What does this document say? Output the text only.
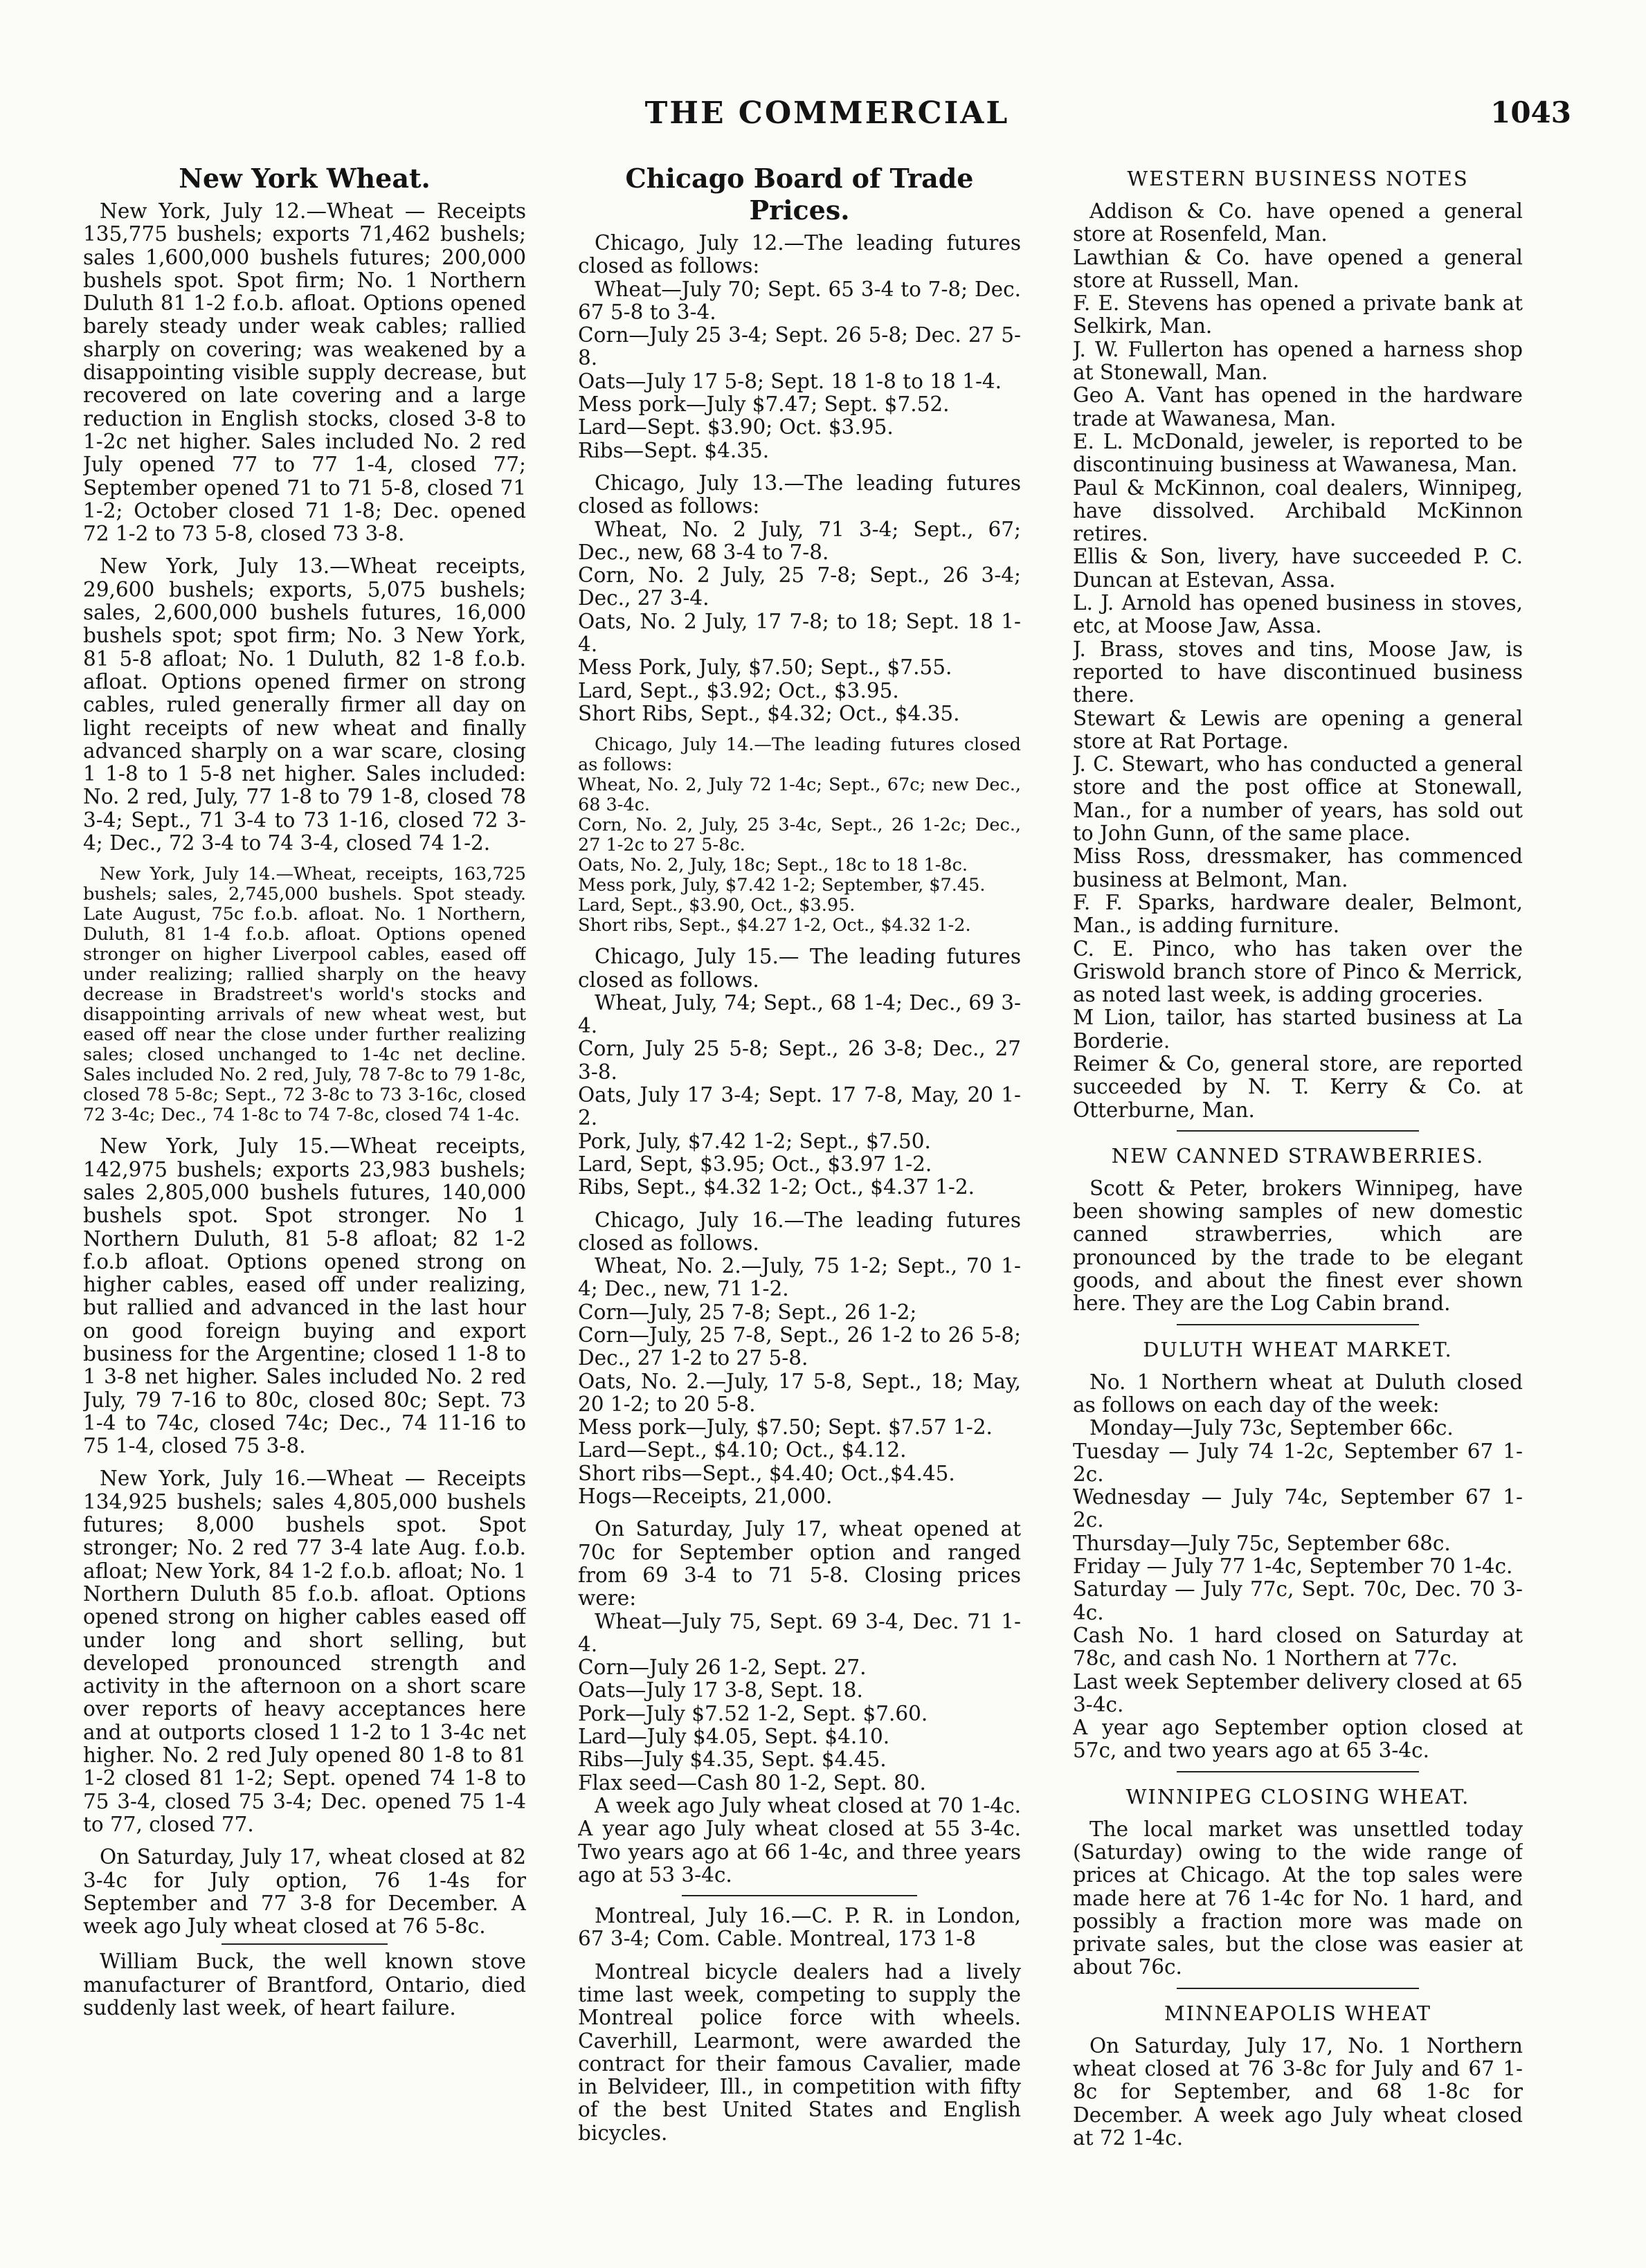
THE COMMERCIAL	1043
New York Wheat.

New York, July 12.—Wheat — Receipts 135,775 bushels; exports 71,462 bushels; sales 1,600,000 bushels futures; 200,000 bushels spot. Spot firm; No. 1 Northern Duluth 81 1-2 f.o.b. afloat. Options opened barely steady under weak cables; rallied sharply on covering; was weakened by a disappointing visible supply decrease, but recovered on late covering and a large reduction in English stocks, closed 3-8 to 1-2c net higher. Sales included No. 2 red July opened 77 to 77 1-4, closed 77; September opened 71 to 71 5-8, closed 71 1-2; October closed 71 1-8; Dec. opened 72 1-2 to 73 5-8, closed 73 3-8.

New York, July 13.—Wheat receipts, 29,600 bushels; exports, 5,075 bushels; sales, 2,600,000 bushels futures, 16,000 bushels spot; spot firm; No. 3 New York, 81 5-8 afloat; No. 1 Duluth, 82 1-8 f.o.b. afloat. Options opened firmer on strong cables, ruled generally firmer all day on light receipts of new wheat and finally advanced sharply on a war scare, closing 1 1-8 to 1 5-8 net higher. Sales included: No. 2 red, July, 77 1-8 to 79 1-8, closed 78 3-4; Sept., 71 3-4 to 73 1-16, closed 72 3-4; Dec., 72 3-4 to 74 3-4, closed 74 1-2.

New York, July 14.—Wheat, receipts, 163,725 bushels; sales, 2,745,000 bushels. Spot steady. Late August, 75c f.o.b. afloat. No. 1 Northern, Duluth, 81 1-4 f.o.b. afloat. Options opened stronger on higher Liverpool cables, eased off under realizing; rallied sharply on the heavy decrease in Bradstreet's world's stocks and disappointing arrivals of new wheat west, but eased off near the close under further realizing sales; closed unchanged to 1-4c net decline. Sales included No. 2 red, July, 78 7-8c to 79 1-8c, closed 78 5-8c; Sept., 72 3-8c to 73 3-16c, closed 72 3-4c; Dec., 74 1-8c to 74 7-8c, closed 74 1-4c.

New York, July 15.—Wheat receipts, 142,975 bushels; exports 23,983 bushels; sales 2,805,000 bushels futures, 140,000 bushels spot. Spot stronger. No 1 Northern Duluth, 81 5-8 afloat; 82 1-2 f.o.b afloat. Options opened strong on higher cables, eased off under realizing, but rallied and advanced in the last hour on good foreign buying and export business for the Argentine; closed 1 1-8 to 1 3-8 net higher. Sales included No. 2 red July, 79 7-16 to 80c, closed 80c; Sept. 73 1-4 to 74c, closed 74c; Dec., 74 11-16 to 75 1-4, closed 75 3-8.

New York, July 16.—Wheat — Receipts 134,925 bushels; sales 4,805,000 bushels futures; 8,000 bushels spot. Spot stronger; No. 2 red 77 3-4 late Aug. f.o.b. afloat; New York, 84 1-2 f.o.b. afloat; No. 1 Northern Duluth 85 f.o.b. afloat. Options opened strong on higher cables eased off under long and short selling, but developed pronounced strength and activity in the afternoon on a short scare over reports of heavy acceptances here and at outports closed 1 1-2 to 1 3-4c net higher. No. 2 red July opened 80 1-8 to 81 1-2 closed 81 1-2; Sept. opened 74 1-8 to 75 3-4, closed 75 3-4; Dec. opened 75 1-4 to 77, closed 77.

On Saturday, July 17, wheat closed at 82 3-4c for July option, 76 1-4s for September and 77 3-8 for December. A week ago July wheat closed at 76 5-8c.

William Buck, the well known stove manufacturer of Brantford, Ontario, died suddenly last week, of heart failure.

Chicago Board of Trade Prices.

Chicago, July 12.—The leading futures closed as follows:

Wheat—July 70; Sept. 65 3-4 to 7-8; Dec. 67 5-8 to 3-4.
Corn—July 25 3-4; Sept. 26 5-8; Dec. 27 5-8.
Oats—July 17 5-8; Sept. 18 1-8 to 18 1-4.
Mess pork—July $7.47; Sept. $7.52.
Lard—Sept. $3.90; Oct. $3.95.
Ribs—Sept. $4.35.

Chicago, July 13.—The leading futures closed as follows:

Wheat, No. 2 July, 71 3-4; Sept., 67; Dec., new, 68 3-4 to 7-8.
Corn, No. 2 July, 25 7-8; Sept., 26 3-4; Dec., 27 3-4.
Oats, No. 2 July, 17 7-8; to 18; Sept. 18 1-4.
Mess Pork, July, $7.50; Sept., $7.55.
Lard, Sept., $3.92; Oct., $3.95.
Short Ribs, Sept., $4.32; Oct., $4.35.

Chicago, July 14.—The leading futures closed as follows:
Wheat, No. 2, July 72 1-4c; Sept., 67c; new Dec., 68 3-4c.
Corn, No. 2, July, 25 3-4c, Sept., 26 1-2c; Dec., 27 1-2c to 27 5-8c.
Oats, No. 2, July, 18c; Sept., 18c to 18 1-8c.
Mess pork, July, $7.42 1-2; September, $7.45.
Lard, Sept., $3.90, Oct., $3.95.
Short ribs, Sept., $4.27 1-2, Oct., $4.32 1-2.

Chicago, July 15.— The leading futures closed as follows.

Wheat, July, 74; Sept., 68 1-4; Dec., 69 3-4.
Corn, July 25 5-8; Sept., 26 3-8; Dec., 27 3-8.
Oats, July 17 3-4; Sept. 17 7-8, May, 20 1-2.
Pork, July, $7.42 1-2; Sept., $7.50.
Lard, Sept, $3.95; Oct., $3.97 1-2.
Ribs, Sept., $4.32 1-2; Oct., $4.37 1-2.

Chicago, July 16.—The leading futures closed as follows.

Wheat, No. 2.—July, 75 1-2; Sept., 70 1-4; Dec., new, 71 1-2.
Corn—July, 25 7-8; Sept., 26 1-2;
Corn—July, 25 7-8, Sept., 26 1-2 to 26 5-8; Dec., 27 1-2 to 27 5-8.
Oats, No. 2.—July, 17 5-8, Sept., 18; May, 20 1-2; to 20 5-8.
Mess pork—July, $7.50; Sept. $7.57 1-2.
Lard—Sept., $4.10; Oct., $4.12.
Short ribs—Sept., $4.40; Oct.,$4.45.
Hogs—Receipts, 21,000.

On Saturday, July 17, wheat opened at 70c for September option and ranged from 69 3-4 to 71 5-8. Closing prices were:

Wheat—July 75, Sept. 69 3-4, Dec. 71 1-4.
Corn—July 26 1-2, Sept. 27.
Oats—July 17 3-8, Sept. 18.
Pork—July $7.52 1-2, Sept. $7.60.
Lard—July $4.05, Sept. $4.10.
Ribs—July $4.35, Sept. $4.45.
Flax seed—Cash 80 1-2, Sept. 80.

A week ago July wheat closed at 70 1-4c. A year ago July wheat closed at 55 3-4c. Two years ago at 66 1-4c, and three years ago at 53 3-4c.

Montreal, July 16.—C. P. R. in London, 67 3-4; Com. Cable. Montreal, 173 1-8

Montreal bicycle dealers had a lively time last week, competing to supply the Montreal police force with wheels. Caverhill, Learmont, were awarded the contract for their famous Cavalier, made in Belvideer, Ill., in competition with fifty of the best United States and English bicycles.

WESTERN BUSINESS NOTES

Addison & Co. have opened a general store at Rosenfeld, Man.
Lawthian & Co. have opened a general store at Russell, Man.
F. E. Stevens has opened a private bank at Selkirk, Man.
J. W. Fullerton has opened a harness shop at Stonewall, Man.
Geo A. Vant has opened in the hardware trade at Wawanesa, Man.
E. L. McDonald, jeweler, is reported to be discontinuing business at Wawanesa, Man.
Paul & McKinnon, coal dealers, Winnipeg, have dissolved. Archibald McKinnon retires.
Ellis & Son, livery, have succeeded P. C. Duncan at Estevan, Assa.
L. J. Arnold has opened business in stoves, etc, at Moose Jaw, Assa.
J. Brass, stoves and tins, Moose Jaw, is reported to have discontinued business there.
Stewart & Lewis are opening a general store at Rat Portage.
J. C. Stewart, who has conducted a general store and the post office at Stonewall, Man., for a number of years, has sold out to John Gunn, of the same place.
Miss Ross, dressmaker, has commenced business at Belmont, Man.
F. F. Sparks, hardware dealer, Belmont, Man., is adding furniture.
C. E. Pinco, who has taken over the Griswold branch store of Pinco & Merrick, as noted last week, is adding groceries.
M Lion, tailor, has started business at La Borderie.
Reimer & Co, general store, are reported succeeded by N. T. Kerry & Co. at Otterburne, Man.

NEW CANNED STRAWBERRIES.

Scott & Peter, brokers Winnipeg, have been showing samples of new domestic canned strawberries, which are pronounced by the trade to be elegant goods, and about the finest ever shown here. They are the Log Cabin brand.

DULUTH WHEAT MARKET.

No. 1 Northern wheat at Duluth closed as follows on each day of the week:

Monday—July 73c, September 66c.
Tuesday — July 74 1-2c, September 67 1-2c.
Wednesday — July 74c, September 67 1-2c.
Thursday—July 75c, September 68c.
Friday — July 77 1-4c, September 70 1-4c.
Saturday — July 77c, Sept. 70c, Dec. 70 3-4c.
Cash No. 1 hard closed on Saturday at 78c, and cash No. 1 Northern at 77c.
Last week September delivery closed at 65 3-4c.
A year ago September option closed at 57c, and two years ago at 65 3-4c.

WINNIPEG CLOSING WHEAT.

The local market was unsettled today (Saturday) owing to the wide range of prices at Chicago. At the top sales were made here at 76 1-4c for No. 1 hard, and possibly a fraction more was made on private sales, but the close was easier at about 76c.

MINNEAPOLIS WHEAT

On Saturday, July 17, No. 1 Northern wheat closed at 76 3-8c for July and 67 1-8c for September, and 68 1-8c for December. A week ago July wheat closed at 72 1-4c.
